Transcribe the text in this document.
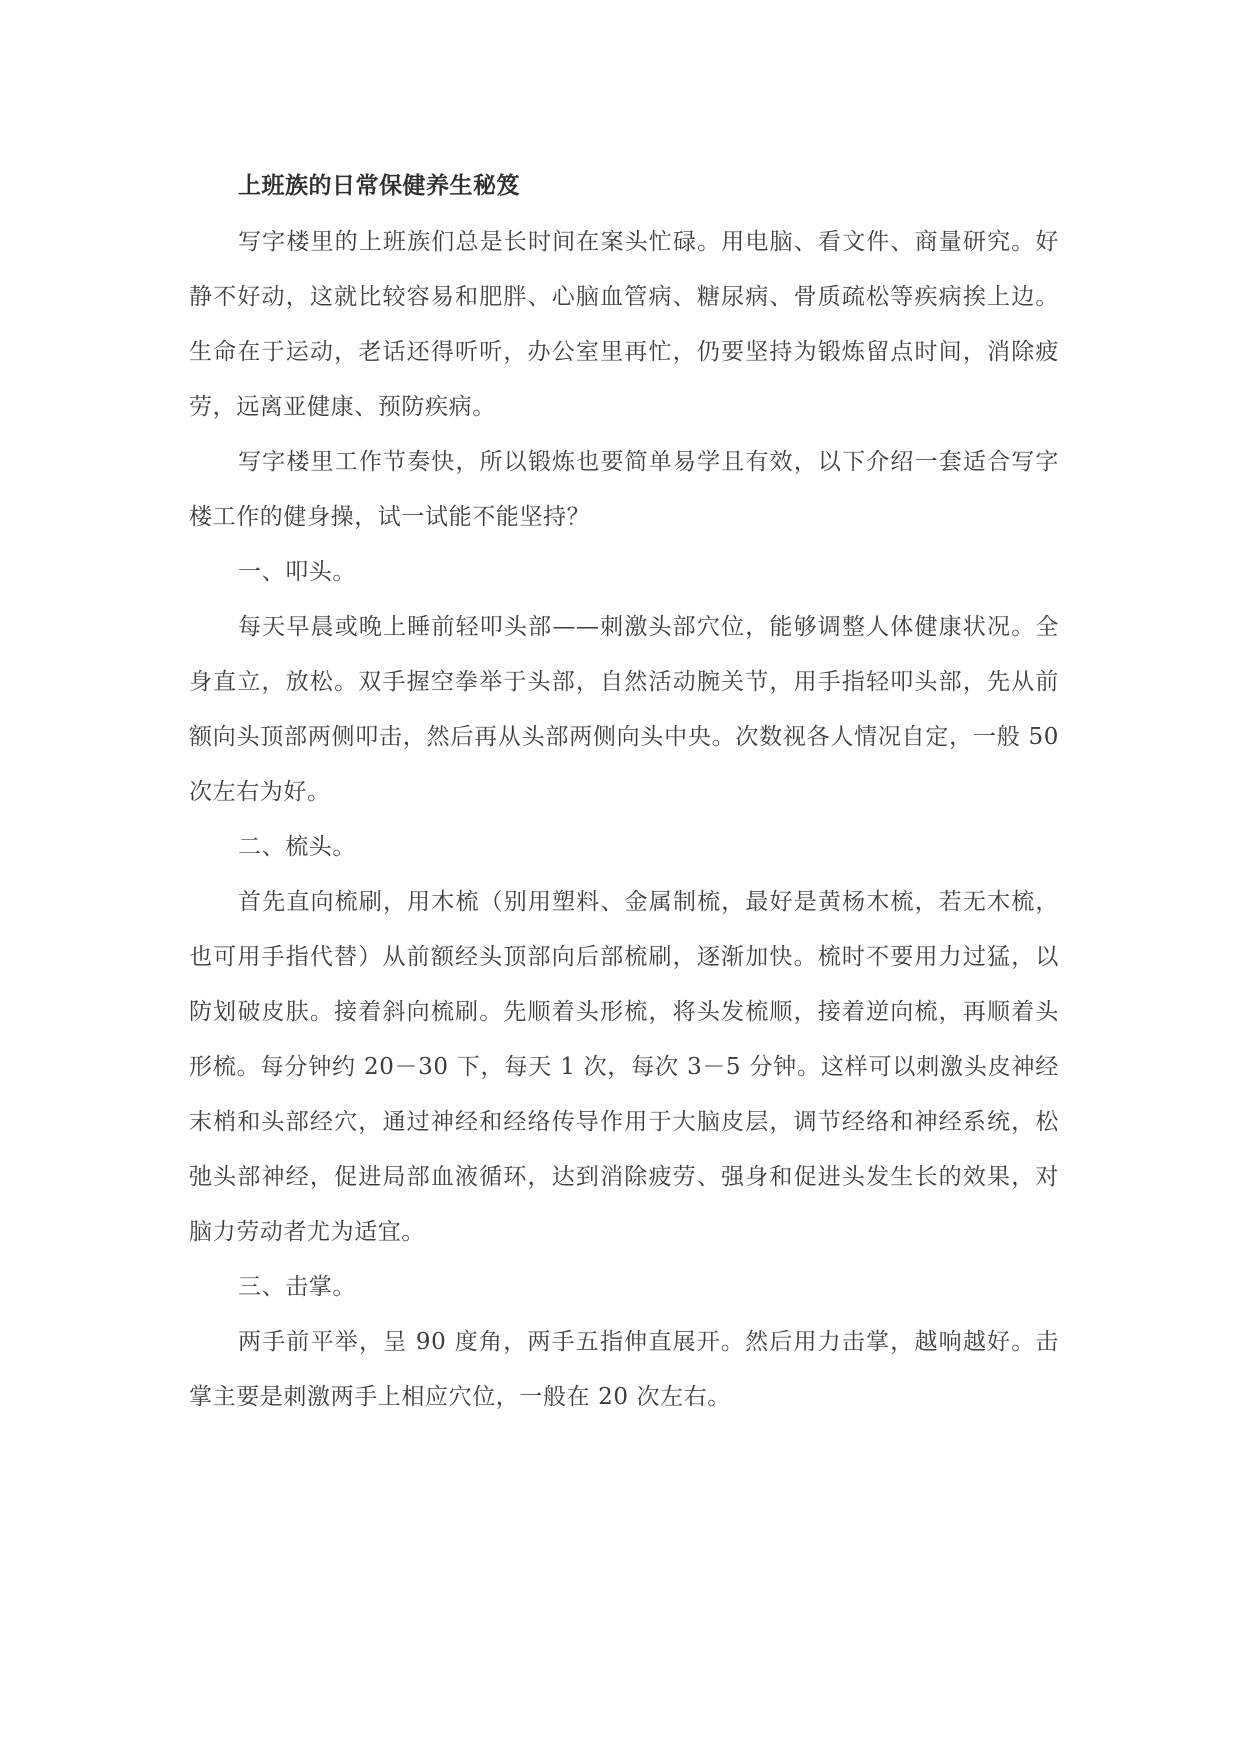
上班族的日常保健养生秘笈

写字楼里的上班族们总是长时间在案头忙碌。用电脑、看文件、商量研究。好静不好动，这就比较容易和肥胖、心脑血管病、糖尿病、骨质疏松等疾病挨上边。生命在于运动，老话还得听听，办公室里再忙，仍要坚持为锻炼留点时间，消除疲劳，远离亚健康、预防疾病。

写字楼里工作节奏快，所以锻炼也要简单易学且有效，以下介绍一套适合写字楼工作的健身操，试一试能不能坚持？

一、叩头。

每天早晨或晚上睡前轻叩头部——刺激头部穴位，能够调整人体健康状况。全身直立，放松。双手握空拳举于头部，自然活动腕关节，用手指轻叩头部，先从前额向头顶部两侧叩击，然后再从头部两侧向头中央。次数视各人情况自定，一般 50 次左右为好。

二、梳头。

首先直向梳刷，用木梳（别用塑料、金属制梳，最好是黄杨木梳，若无木梳，也可用手指代替）从前额经头顶部向后部梳刷，逐渐加快。梳时不要用力过猛，以防划破皮肤。接着斜向梳刷。先顺着头形梳，将头发梳顺，接着逆向梳，再顺着头形梳。每分钟约 20－30 下，每天 1 次，每次 3－5 分钟。这样可以刺激头皮神经末梢和头部经穴，通过神经和经络传导作用于大脑皮层，调节经络和神经系统，松弛头部神经，促进局部血液循环，达到消除疲劳、强身和促进头发生长的效果，对脑力劳动者尤为适宜。

三、击掌。

两手前平举，呈 90 度角，两手五指伸直展开。然后用力击掌，越响越好。击掌主要是刺激两手上相应穴位，一般在 20 次左右。
